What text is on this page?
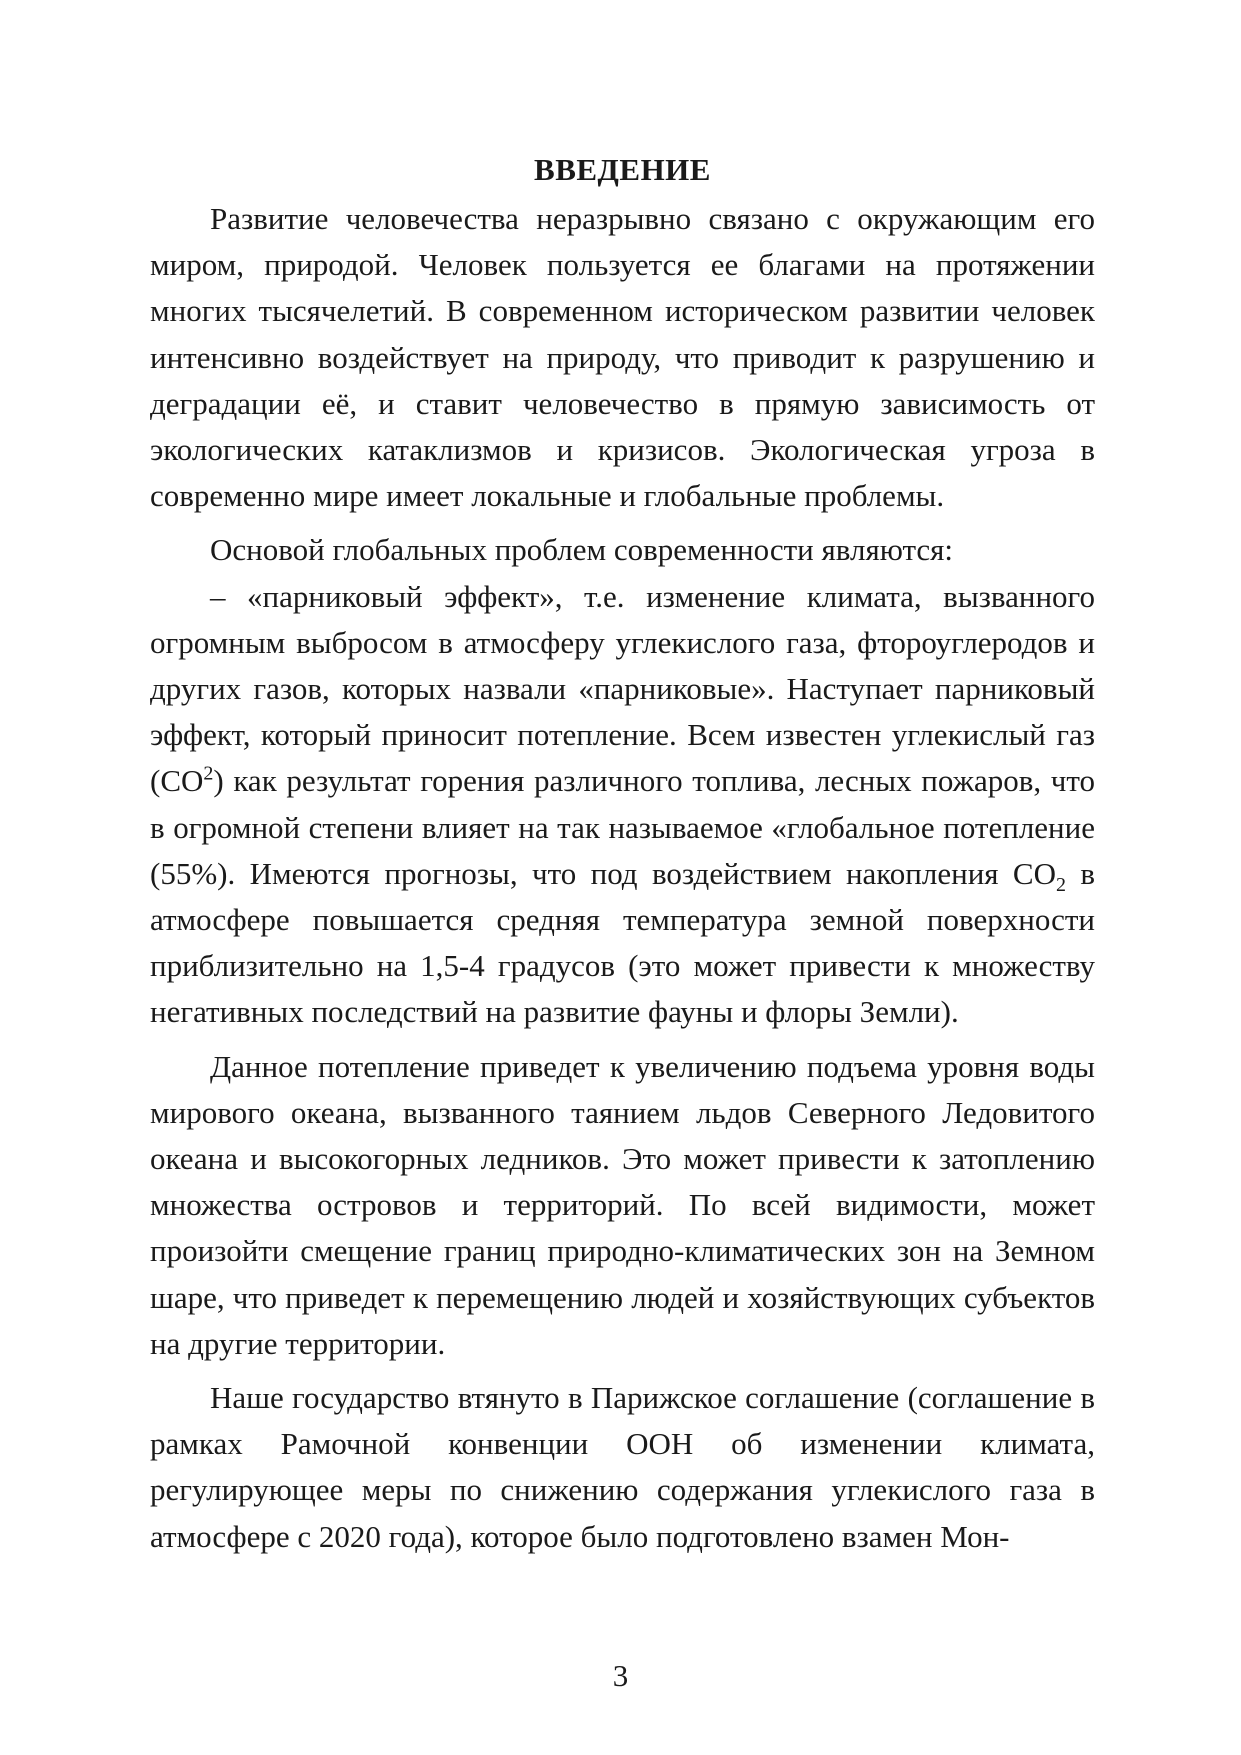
ВВЕДЕНИЕ

Развитие человечества неразрывно связано с окружающим его миром, природой. Человек пользуется ее благами на протяжении многих тысячелетий. В современном историческом развитии человек интенсивно воздействует на природу, что приводит к разрушению и деградации её, и ставит человечество в прямую зависимость от экологических катаклизмов и кризисов. Экологическая угроза в современно мире имеет локальные и глобальные проблемы.

Основой глобальных проблем современности являются:

– «парниковый эффект», т.е. изменение климата, вызванного огромным выбросом в атмосферу углекислого газа, фтороуглеродов и других газов, которых назвали «парниковые». Наступает парниковый эффект, который приносит потепление. Всем известен углекислый газ $(CO^2)$ как результат горения различного топлива, лесных пожаров, что в огромной степени влияет на так называемое «глобальное потепление (55%). Имеются прогнозы, что под воздействием накопления $CO_2$ в атмосфере повышается средняя температура земной поверхности приблизительно на 1,5-4 градусов (это может привести к множеству негативных последствий на развитие фауны и флоры Земли).

Данное потепление приведет к увеличению подъема уровня воды мирового океана, вызванного таянием льдов Северного Ледовитого океана и высокогорных ледников. Это может привести к затоплению множества островов и территорий. По всей видимости, может произойти смещение границ природно-климатических зон на Земном шаре, что приведет к перемещению людей и хозяйствующих субъектов на другие территории.

Наше государство втянуто в Парижское соглашение (соглашение в рамках Рамочной конвенции ООН об изменении климата, регулирующее меры по снижению содержания углекислого газа в атмосфере с 2020 года), которое было подготовлено взамен Мон-

3
